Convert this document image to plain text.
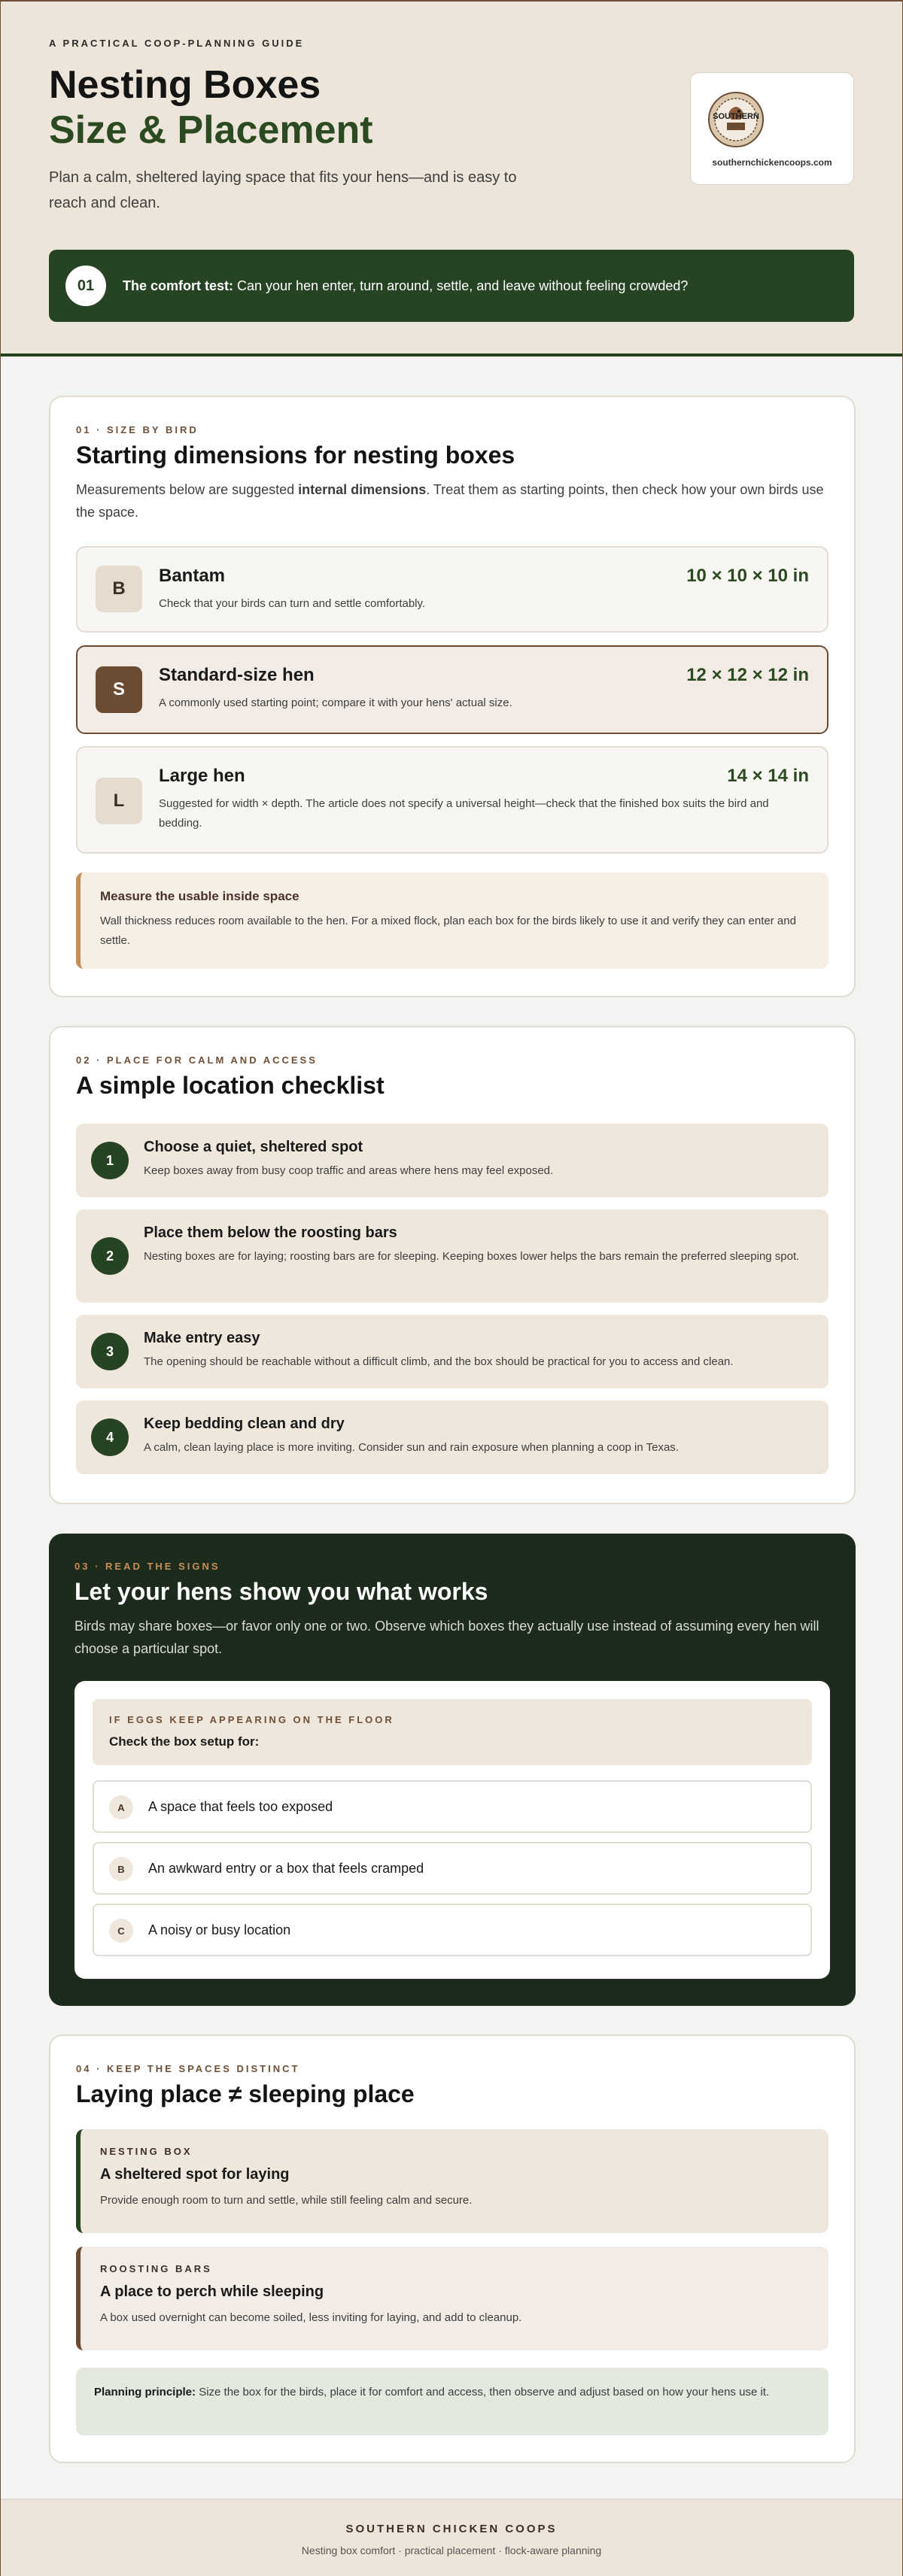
A PRACTICAL COOP-PLANNING GUIDE
Nesting Boxes
Size & Placement

Plan a calm, sheltered laying space that fits your hens—and is easy to reach and clean.

SOUTHERN
southernchickencoops.com
01	The comfort test: Can your hen enter, turn around, settle, and leave without feeling crowded?
01 · SIZE BY BIRD
Starting dimensions for nesting boxes

Measurements below are suggested internal dimensions. Treat them as starting points, then check how your own birds use the space.

B
Bantam	10 × 10 × 10 in
Check that your birds can turn and settle comfortably.
S
Standard-size hen	12 × 12 × 12 in
A commonly used starting point; compare it with your hens' actual size.
L
Large hen	14 × 14 in
Suggested for width × depth. The article does not specify a universal height—check that the finished box suits the bird and bedding.
Measure the usable inside space
Wall thickness reduces room available to the hen. For a mixed flock, plan each box for the birds likely to use it and verify they can enter and settle.
02 · PLACE FOR CALM AND ACCESS
A simple location checklist
1
Choose a quiet, sheltered spot
Keep boxes away from busy coop traffic and areas where hens may feel exposed.
2
Place them below the roosting bars
Nesting boxes are for laying; roosting bars are for sleeping. Keeping boxes lower helps the bars remain the preferred sleeping spot.
3
Make entry easy
The opening should be reachable without a difficult climb, and the box should be practical for you to access and clean.
4
Keep bedding clean and dry
A calm, clean laying place is more inviting. Consider sun and rain exposure when planning a coop in Texas.
03 · READ THE SIGNS
Let your hens show you what works

Birds may share boxes—or favor only one or two. Observe which boxes they actually use instead of assuming every hen will choose a particular spot.

IF EGGS KEEP APPEARING ON THE FLOOR
Check the box setup for:
A	A space that feels too exposed
B	An awkward entry or a box that feels cramped
C	A noisy or busy location
04 · KEEP THE SPACES DISTINCT
Laying place ≠ sleeping place
NESTING BOX
A sheltered spot for laying
Provide enough room to turn and settle, while still feeling calm and secure.
ROOSTING BARS
A place to perch while sleeping
A box used overnight can become soiled, less inviting for laying, and add to cleanup.
Planning principle: Size the box for the birds, place it for comfort and access, then observe and adjust based on how your hens use it.
SOUTHERN CHICKEN COOPS
Nesting box comfort · practical placement · flock-aware planning
